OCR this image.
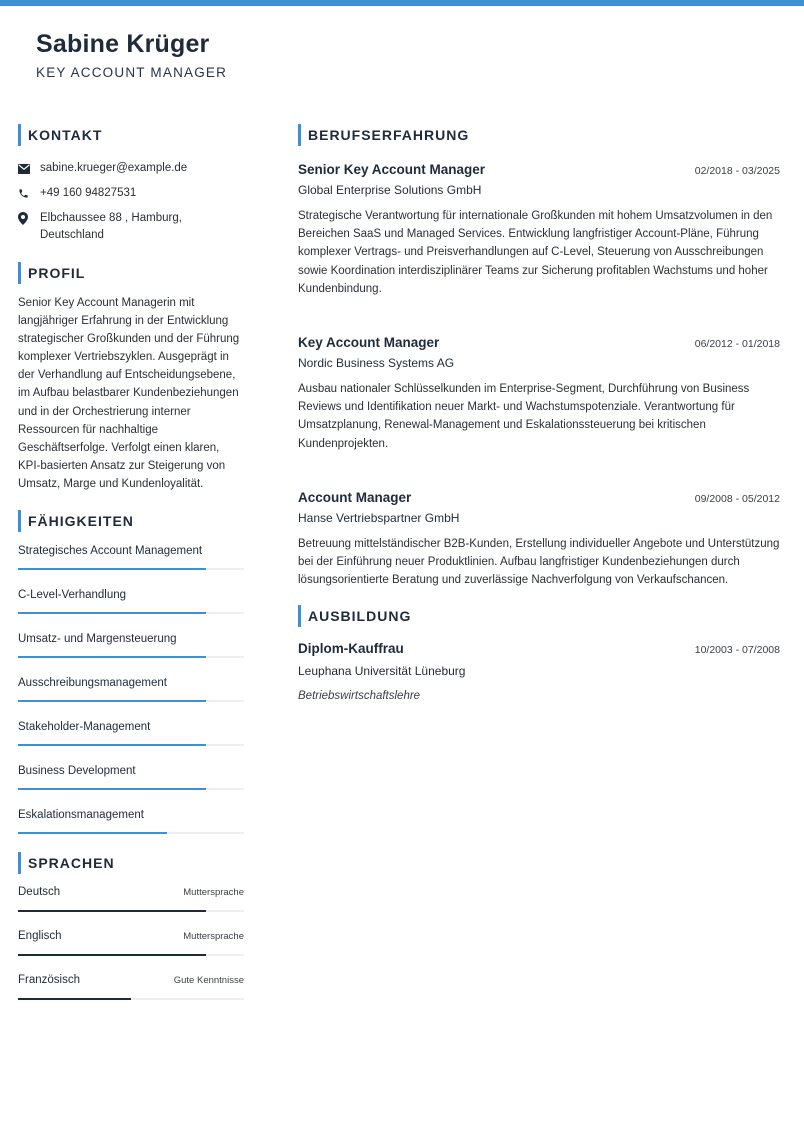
Sabine Krüger
KEY ACCOUNT MANAGER
KONTAKT
sabine.krueger@example.de
+49 160 94827531
Elbchaussee 88 , Hamburg,
Deutschland
PROFIL
Senior Key Account Managerin mit langjähriger Erfahrung in der Entwicklung strategischer Großkunden und der Führung komplexer Vertriebszyklen. Ausgeprägt in der Verhandlung auf Entscheidungsebene, im Aufbau belastbarer Kundenbeziehungen und in der Orchestrierung interner Ressourcen für nachhaltige Geschäftserfolge. Verfolgt einen klaren, KPI-basierten Ansatz zur Steigerung von Umsatz, Marge und Kundenloyalität.
FÄHIGKEITEN
Strategisches Account Management
C-Level-Verhandlung
Umsatz- und Margensteuerung
Ausschreibungsmanagement
Stakeholder-Management
Business Development
Eskalationsmanagement
SPRACHEN
Deutsch	Muttersprache
Englisch	Muttersprache
Französisch	Gute Kenntnisse
BERUFSERFAHRUNG
Senior Key Account Manager	02/2018 - 03/2025
Global Enterprise Solutions GmbH
Strategische Verantwortung für internationale Großkunden mit hohem Umsatzvolumen in den Bereichen SaaS und Managed Services. Entwicklung langfristiger Account-Pläne, Führung komplexer Vertrags- und Preisverhandlungen auf C-Level, Steuerung von Ausschreibungen sowie Koordination interdisziplinärer Teams zur Sicherung profitablen Wachstums und hoher Kundenbindung.
Key Account Manager	06/2012 - 01/2018
Nordic Business Systems AG
Ausbau nationaler Schlüsselkunden im Enterprise-Segment, Durchführung von Business Reviews und Identifikation neuer Markt- und Wachstumspotenziale. Verantwortung für Umsatzplanung, Renewal-Management und Eskalationssteuerung bei kritischen Kundenprojekten.
Account Manager	09/2008 - 05/2012
Hanse Vertriebspartner GmbH
Betreuung mittelständischer B2B-Kunden, Erstellung individueller Angebote und Unterstützung bei der Einführung neuer Produktlinien. Aufbau langfristiger Kundenbeziehungen durch lösungsorientierte Beratung und zuverlässige Nachverfolgung von Verkaufschancen.
AUSBILDUNG
Diplom-Kauffrau	10/2003 - 07/2008
Leuphana Universität Lüneburg
Betriebswirtschaftslehre
